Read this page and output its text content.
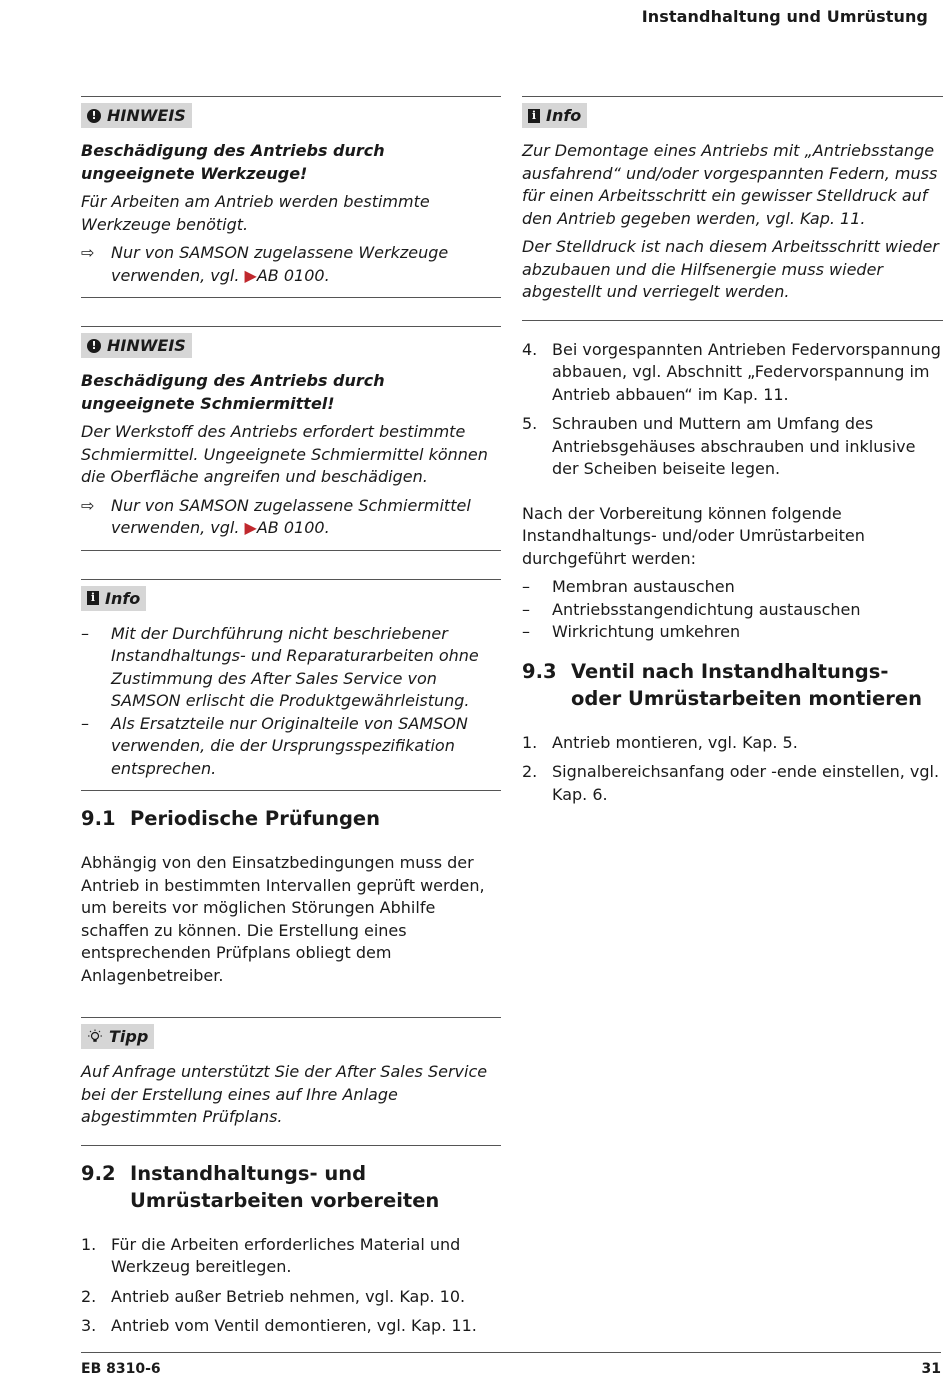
Instandhaltung und Umrüstung
! HINWEIS

Beschädigung des Antriebs durch ungeeignete Werkzeuge!

Für Arbeiten am Antrieb werden bestimmte Werkzeuge benötigt.

⇨	Nur von SAMSON zugelassene Werkzeuge verwenden, vgl. ▶AB 0100.
! HINWEIS

Beschädigung des Antriebs durch ungeeignete Schmiermittel!

Der Werkstoff des Antriebs erfordert bestimmte Schmiermittel. Ungeeignete Schmiermittel können die Oberfläche angreifen und beschädigen.

⇨	Nur von SAMSON zugelassene Schmiermittel verwenden, vgl. ▶AB 0100.
i Info
–	Mit der Durchführung nicht beschriebener Instandhaltungs- und Reparaturarbeiten ohne Zustimmung des After Sales Service von SAMSON erlischt die Produktgewährleistung.
–	Als Ersatzteile nur Originalteile von SAMSON verwenden, die der Ursprungsspezifikation entsprechen.
9.1 Periodische Prüfungen

Abhängig von den Einsatzbedingungen muss der Antrieb in bestimmten Intervallen geprüft werden, um bereits vor möglichen Störungen Abhilfe schaffen zu können. Die Erstellung eines entsprechenden Prüfplans obliegt dem Anlagenbetreiber.

Tipp

Auf Anfrage unterstützt Sie der After Sales Service bei der Erstellung eines auf Ihre Anlage abgestimmten Prüfplans.

9.2 Instandhaltungs- und Umrüstarbeiten vorbereiten
1. Für die Arbeiten erforderliches Material und Werkzeug bereitlegen.
2. Antrieb außer Betrieb nehmen, vgl. Kap. 10.
3. Antrieb vom Ventil demontieren, vgl. Kap. 11.
i Info

Zur Demontage eines Antriebs mit „Antriebsstange ausfahrend“ und/oder vorgespannten Federn, muss für einen Arbeitsschritt ein gewisser Stelldruck auf den Antrieb gegeben werden, vgl. Kap. 11.

Der Stelldruck ist nach diesem Arbeitsschritt wieder abzubauen und die Hilfsenergie muss wieder abgestellt und verriegelt werden.

4. Bei vorgespannten Antrieben Federvorspannung abbauen, vgl. Abschnitt „Federvorspannung im Antrieb abbauen“ im Kap. 11.
5. Schrauben und Muttern am Umfang des Antriebsgehäuses abschrauben und inklusive der Scheiben beiseite legen.

Nach der Vorbereitung können folgende Instandhaltungs- und/oder Umrüstarbeiten durchgeführt werden:

–	Membran austauschen
–	Antriebsstangendichtung austauschen
–	Wirkrichtung umkehren
9.3 Ventil nach Instandhaltungs- oder Umrüstarbeiten montieren
1. Antrieb montieren, vgl. Kap. 5.
2. Signalbereichsanfang oder -ende einstellen, vgl. Kap. 6.
EB 8310-6	31
